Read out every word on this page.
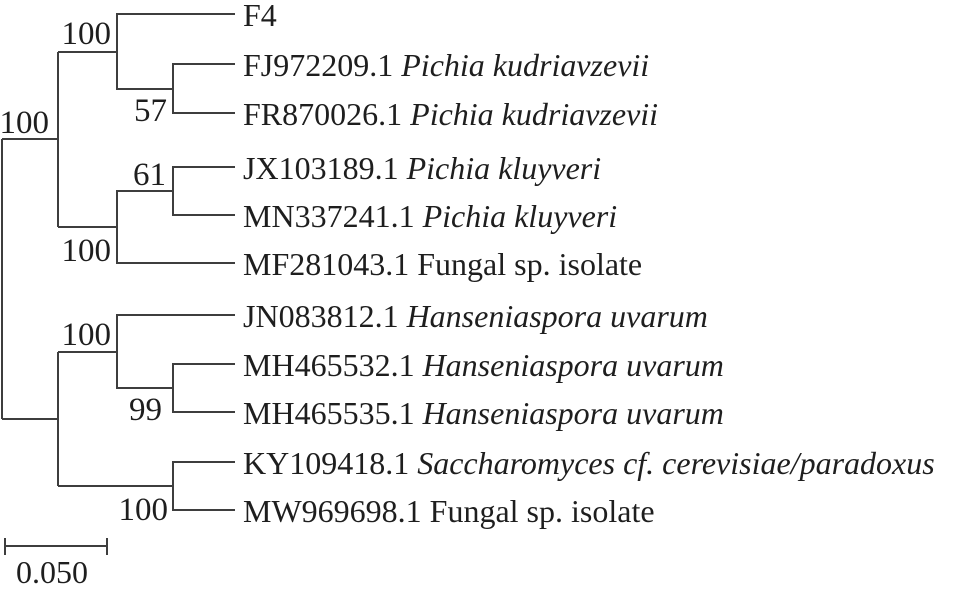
100
57
61
100
100
100
99
100
F4
FJ972209.1 Pichia kudriavzevii
FR870026.1 Pichia kudriavzevii
JX103189.1 Pichia kluyveri
MN337241.1 Pichia kluyveri
MF281043.1 Fungal sp. isolate
JN083812.1 Hanseniaspora uvarum
MH465532.1 Hanseniaspora uvarum
MH465535.1 Hanseniaspora uvarum
KY109418.1 Saccharomyces cf. cerevisiae/paradoxus
MW969698.1 Fungal sp. isolate
0.050
